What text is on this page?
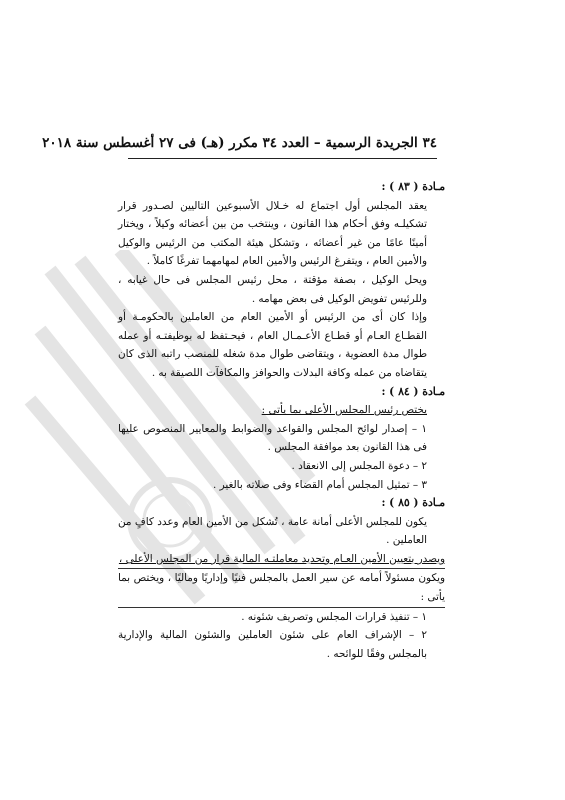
٣٤ الجريدة الرسمية – العدد ٣٤ مكرر (هـ) فى ٢٧ أغسطس سنة ٢٠١٨

مـادة ( ٨٣ ) :

يعقد المجلس أول اجتماع له خـلال الأسبوعين التاليين لصـدور قرار تشكيلـه وفق أحكام هذا القانون ، وينتخب من بين أعضائه وكيلاً ، ويختار أمينًا عامًا من غير أعضائه ، وتشكل هيئة المكتب من الرئيس والوكيل والأمين العام ، ويتفرغ الرئيس والأمين العام لمهامهما تفرغًا كاملاً .

ويحل الوكيل ، بصفة مؤقتة ، محل رئيس المجلس فى حال غيابه ، وللرئيس تفويض الوكيل فى بعض مهامه .

وإذا كان أى من الرئيس أو الأمين العام من العاملين بالحكومـة أو القطـاع العـام أو قطـاع الأعـمـال العام ، فيحـتفظ له بوظيفتـه أو عمله طوال مدة العضوية ، ويتقاضى طوال مدة شغله للمنصب راتبه الذى كان يتقاضاه من عمله وكافة البدلات والحوافز والمكافآت اللصيقة به .

مـادة ( ٨٤ ) :

يختص رئيس المجلس الأعلى بما يأتى :

١ – إصدار لوائح المجلس والقواعد والضوابط والمعايير المنصوص عليها فى هذا القانون بعد موافقة المجلس .

٢ – دعوة المجلس إلى الانعقاد .

٣ – تمثيل المجلس أمام القضاء وفى صلاته بالغير .

مـادة ( ٨٥ ) :

يكون للمجلس الأعلى أمانة عامة ، تُشكل من الأمين العام وعدد كافٍ من العاملين .

ويصدر بتعيين الأمين العـام وتحديد معاملتـه المالية قرار من المجلس الأعلى ،

ويكون مسئولاً أمامه عن سير العمل بالمجلس فنيًا وإداريًا وماليًا ، ويختص بما يأتى :

١ – تنفيذ قرارات المجلس وتصريف شئونه .

٢ – الإشراف العام على شئون العاملين والشئون المالية والإدارية بالمجلس وفقًا للوائحه .
